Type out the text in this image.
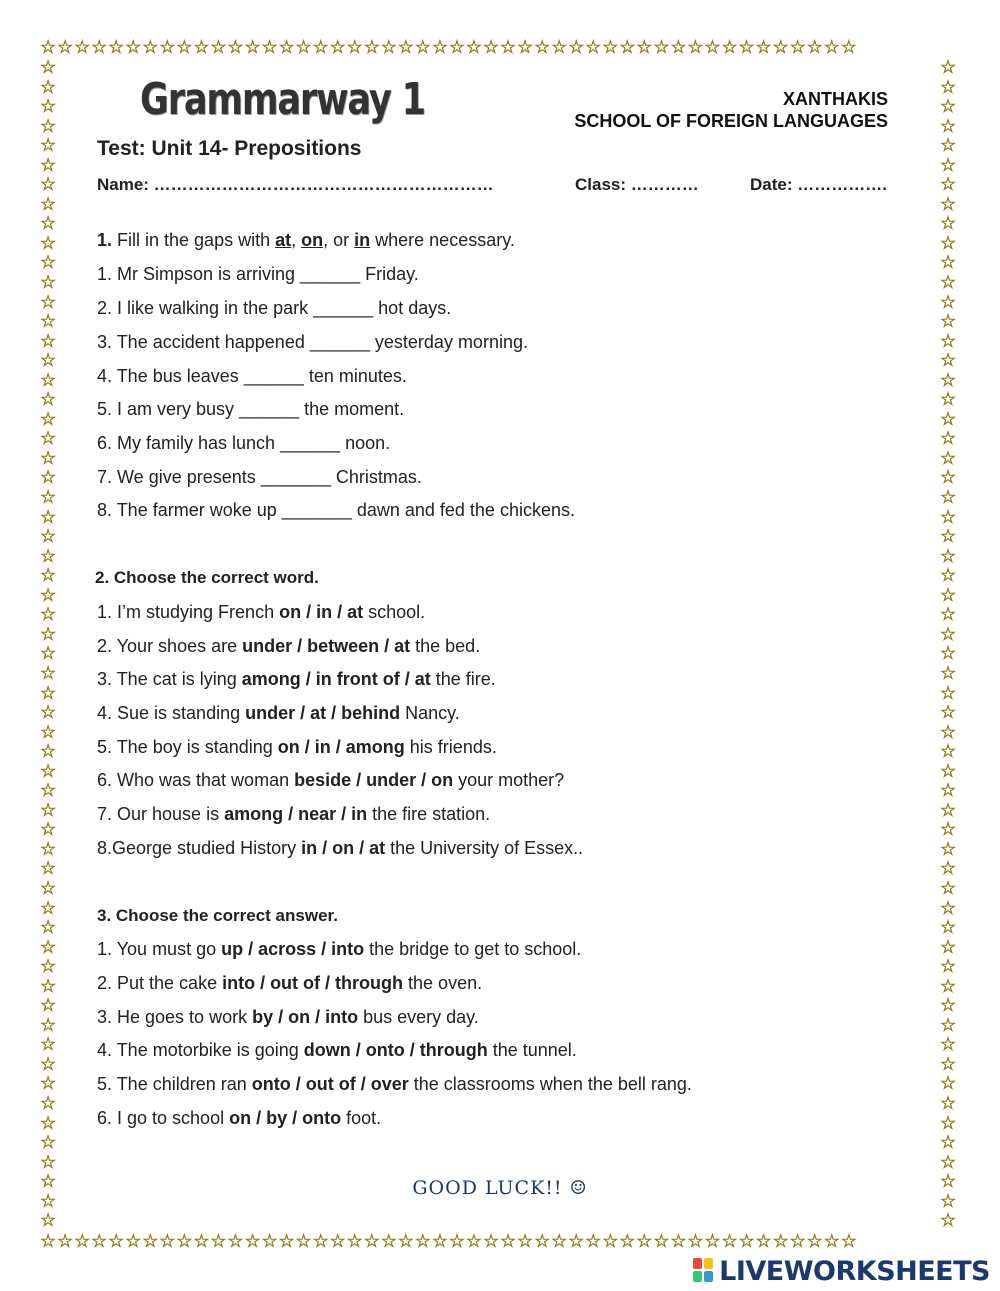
☆☆☆☆☆☆☆☆☆☆☆☆☆☆☆☆☆☆☆☆☆☆☆☆☆☆☆☆☆☆☆☆☆☆☆☆☆☆☆☆☆☆☆☆☆☆☆☆
☆☆☆☆☆☆☆☆☆☆☆☆☆☆☆☆☆☆☆☆☆☆☆☆☆☆☆☆☆☆☆☆☆☆☆☆☆☆☆☆☆☆☆☆☆☆☆☆
☆
☆
☆
☆
☆
☆
☆
☆
☆
☆
☆
☆
☆
☆
☆
☆
☆
☆
☆
☆
☆
☆
☆
☆
☆
☆
☆
☆
☆
☆
☆
☆
☆
☆
☆
☆
☆
☆
☆
☆
☆
☆
☆
☆
☆
☆
☆
☆
☆
☆
☆
☆
☆
☆
☆
☆
☆
☆
☆
☆
☆
☆
☆
☆
☆
☆
☆
☆
☆
☆
☆
☆
☆
☆
☆
☆
☆
☆
☆
☆
☆
☆
☆
☆
☆
☆
☆
☆
☆
☆
☆
☆
☆
☆
☆
☆
☆
☆
☆
☆
☆
☆
☆
☆
☆
☆
☆
☆
☆
☆
☆
☆
☆
☆
☆
☆
☆
☆
☆
☆
Grammarway 1	XANTHAKIS
SCHOOL OF FOREIGN LANGUAGES
Test: Unit 14- Prepositions
Name: ……………………………………………………	Class: …………	Date: …………….
1. Fill in the gaps with at, on, or in where necessary.
1. Mr Simpson is arriving ______ Friday.
2. I like walking in the park ______ hot days.
3. The accident happened ______ yesterday morning.
4. The bus leaves ______ ten minutes.
5. I am very busy ______ the moment.
6. My family has lunch ______ noon.
7. We give presents _______ Christmas.
8. The farmer woke up _______ dawn and fed the chickens.
2. Choose the correct word.
1. I’m studying French on / in / at school.
2. Your shoes are under / between / at the bed.
3. The cat is lying among / in front of / at the fire.
4. Sue is standing under / at / behind Nancy.
5. The boy is standing on / in / among his friends.
6. Who was that woman beside / under / on your mother?
7. Our house is among / near / in the fire station.
8.George studied History in / on / at the University of Essex..
3. Choose the correct answer.
1. You must go up / across / into the bridge to get to school.
2. Put the cake into / out of / through the oven.
3. He goes to work by / on / into bus every day.
4. The motorbike is going down / onto / through the tunnel.
5. The children ran onto / out of / over the classrooms when the bell rang.
6. I go to school on / by / onto foot.
GOOD LUCK!! ☺
LIVEWORKSHEETS
